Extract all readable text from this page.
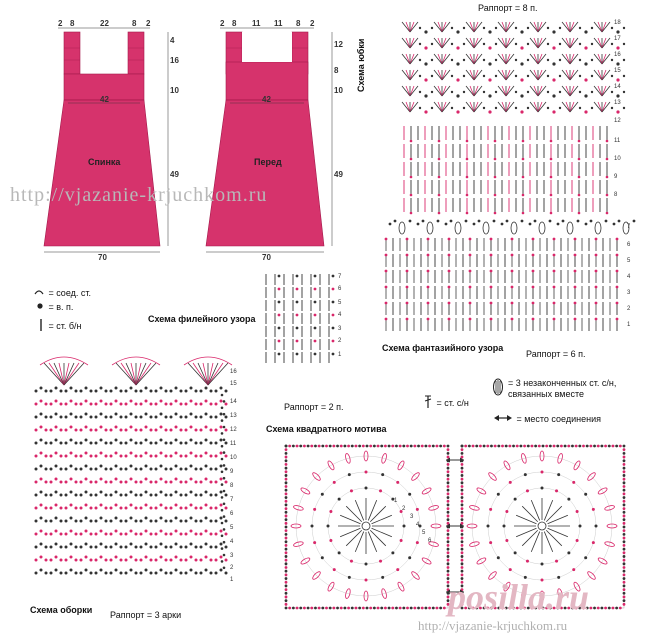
2 8	22	8 2
4
16
10
42
Спинка
49
70
2 8 11 11 8 2
12
8
10
42
Перед
49
70
Раппорт = 8 п.
Схема юбки
18
17
16
15
14
13
12
11
10
9
8
7
6
5
4
3
2
1
Схема фантазийного узора
Раппорт = 6 п.
7
6
5
4
3
2
1
Схема филейного узора
Раппорт = 2 п.
= соед. ст.
= в. п.
= ст. б/н
= ст. с/н
= 3 незаконченных ст. с/н, связанных вместе
= место соединения
16
15
14
13
12
11
10
9
8
7
6
5
4
3
2
1
Схема оборки Раппорт = 3 арки
Схема квадратного мотива
1
2
3
4
5
6
http://vjazanie-krjuchkom.ru
posilla.ru
http://vjazanie-krjuchkom.ru
